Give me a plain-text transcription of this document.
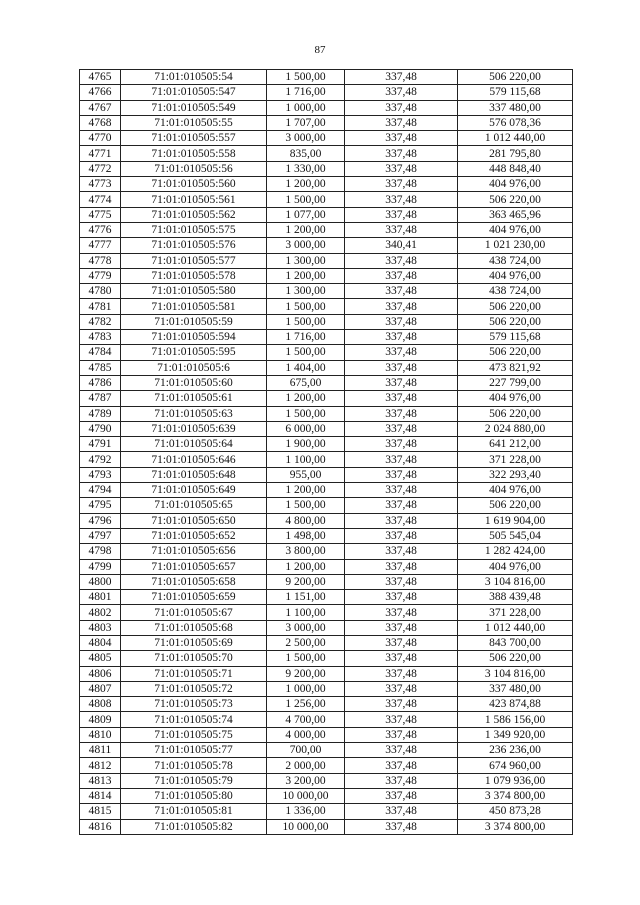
87
4765	71:01:010505:54	1 500,00	337,48	506 220,00
4766	71:01:010505:547	1 716,00	337,48	579 115,68
4767	71:01:010505:549	1 000,00	337,48	337 480,00
4768	71:01:010505:55	1 707,00	337,48	576 078,36
4770	71:01:010505:557	3 000,00	337,48	1 012 440,00
4771	71:01:010505:558	835,00	337,48	281 795,80
4772	71:01:010505:56	1 330,00	337,48	448 848,40
4773	71:01:010505:560	1 200,00	337,48	404 976,00
4774	71:01:010505:561	1 500,00	337,48	506 220,00
4775	71:01:010505:562	1 077,00	337,48	363 465,96
4776	71:01:010505:575	1 200,00	337,48	404 976,00
4777	71:01:010505:576	3 000,00	340,41	1 021 230,00
4778	71:01:010505:577	1 300,00	337,48	438 724,00
4779	71:01:010505:578	1 200,00	337,48	404 976,00
4780	71:01:010505:580	1 300,00	337,48	438 724,00
4781	71:01:010505:581	1 500,00	337,48	506 220,00
4782	71:01:010505:59	1 500,00	337,48	506 220,00
4783	71:01:010505:594	1 716,00	337,48	579 115,68
4784	71:01:010505:595	1 500,00	337,48	506 220,00
4785	71:01:010505:6	1 404,00	337,48	473 821,92
4786	71:01:010505:60	675,00	337,48	227 799,00
4787	71:01:010505:61	1 200,00	337,48	404 976,00
4789	71:01:010505:63	1 500,00	337,48	506 220,00
4790	71:01:010505:639	6 000,00	337,48	2 024 880,00
4791	71:01:010505:64	1 900,00	337,48	641 212,00
4792	71:01:010505:646	1 100,00	337,48	371 228,00
4793	71:01:010505:648	955,00	337,48	322 293,40
4794	71:01:010505:649	1 200,00	337,48	404 976,00
4795	71:01:010505:65	1 500,00	337,48	506 220,00
4796	71:01:010505:650	4 800,00	337,48	1 619 904,00
4797	71:01:010505:652	1 498,00	337,48	505 545,04
4798	71:01:010505:656	3 800,00	337,48	1 282 424,00
4799	71:01:010505:657	1 200,00	337,48	404 976,00
4800	71:01:010505:658	9 200,00	337,48	3 104 816,00
4801	71:01:010505:659	1 151,00	337,48	388 439,48
4802	71:01:010505:67	1 100,00	337,48	371 228,00
4803	71:01:010505:68	3 000,00	337,48	1 012 440,00
4804	71:01:010505:69	2 500,00	337,48	843 700,00
4805	71:01:010505:70	1 500,00	337,48	506 220,00
4806	71:01:010505:71	9 200,00	337,48	3 104 816,00
4807	71:01:010505:72	1 000,00	337,48	337 480,00
4808	71:01:010505:73	1 256,00	337,48	423 874,88
4809	71:01:010505:74	4 700,00	337,48	1 586 156,00
4810	71:01:010505:75	4 000,00	337,48	1 349 920,00
4811	71:01:010505:77	700,00	337,48	236 236,00
4812	71:01:010505:78	2 000,00	337,48	674 960,00
4813	71:01:010505:79	3 200,00	337,48	1 079 936,00
4814	71:01:010505:80	10 000,00	337,48	3 374 800,00
4815	71:01:010505:81	1 336,00	337,48	450 873,28
4816	71:01:010505:82	10 000,00	337,48	3 374 800,00
